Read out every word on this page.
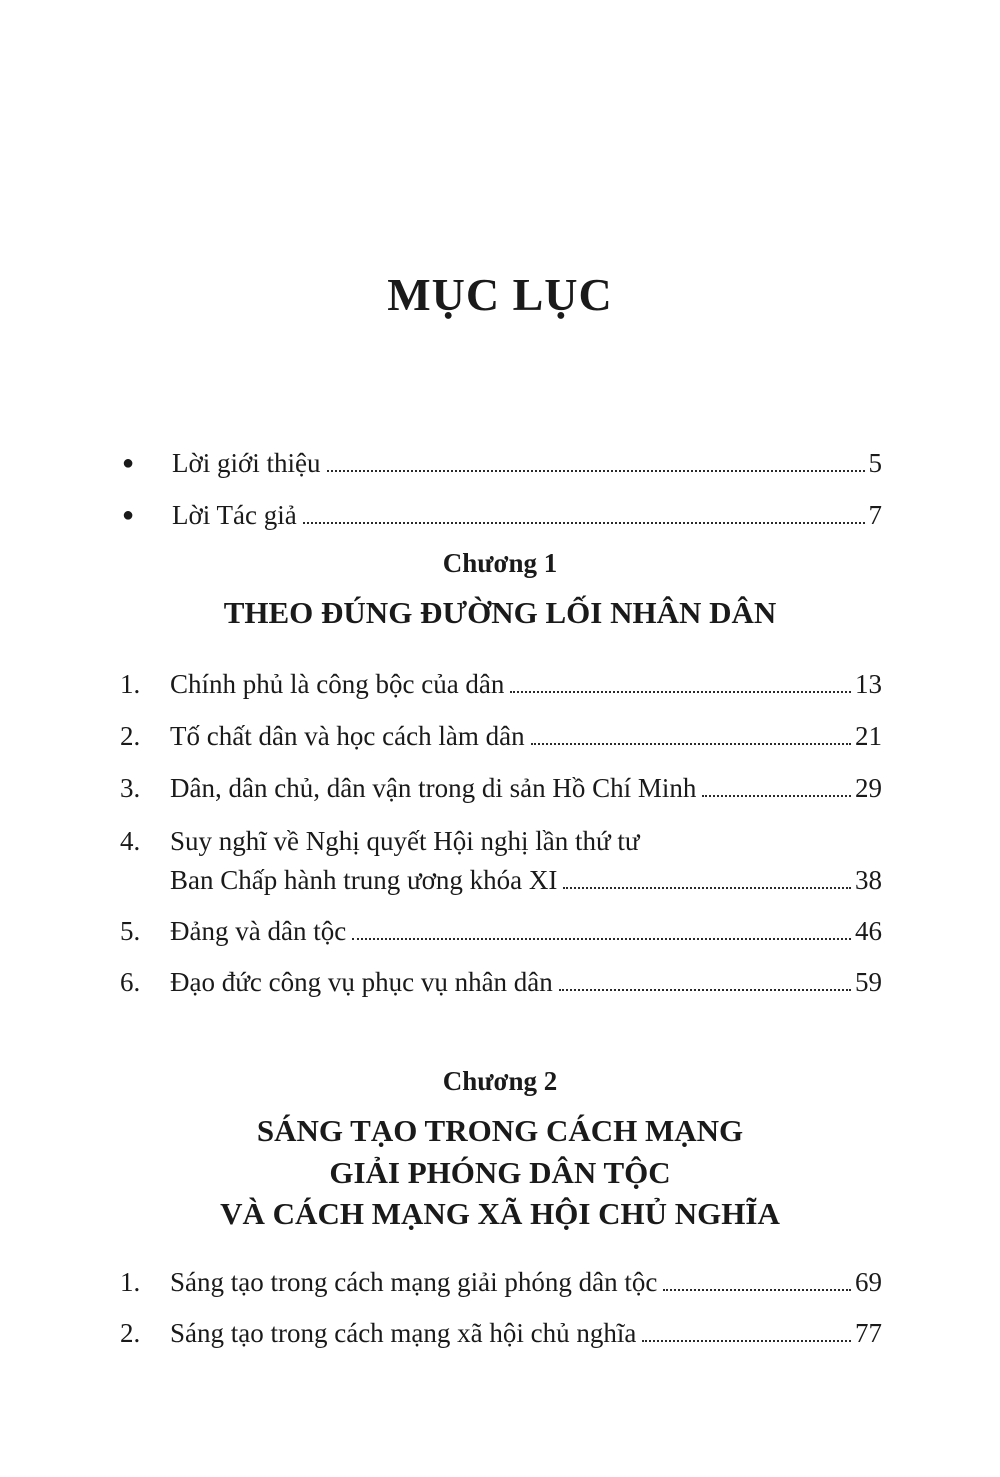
MỤC LỤC
●	Lời giới thiệu	5
●	Lời Tác giả	7
Chương 1
THEO ĐÚNG ĐƯỜNG LỐI NHÂN DÂN
1.	Chính phủ là công bộc của dân	13
2.	Tố chất dân và học cách làm dân	21
3.	Dân, dân chủ, dân vận trong di sản Hồ Chí Minh	29
4.	Suy nghĩ về Nghị quyết Hội nghị lần thứ tư
Ban Chấp hành trung ương khóa XI	38
5.	Đảng và dân tộc	46
6.	Đạo đức công vụ phục vụ nhân dân	59
Chương 2
SÁNG TẠO TRONG CÁCH MẠNG
GIẢI PHÓNG DÂN TỘC
VÀ CÁCH MẠNG XÃ HỘI CHỦ NGHĨA
1.	Sáng tạo trong cách mạng giải phóng dân tộc	69
2.	Sáng tạo trong cách mạng xã hội chủ nghĩa	77
